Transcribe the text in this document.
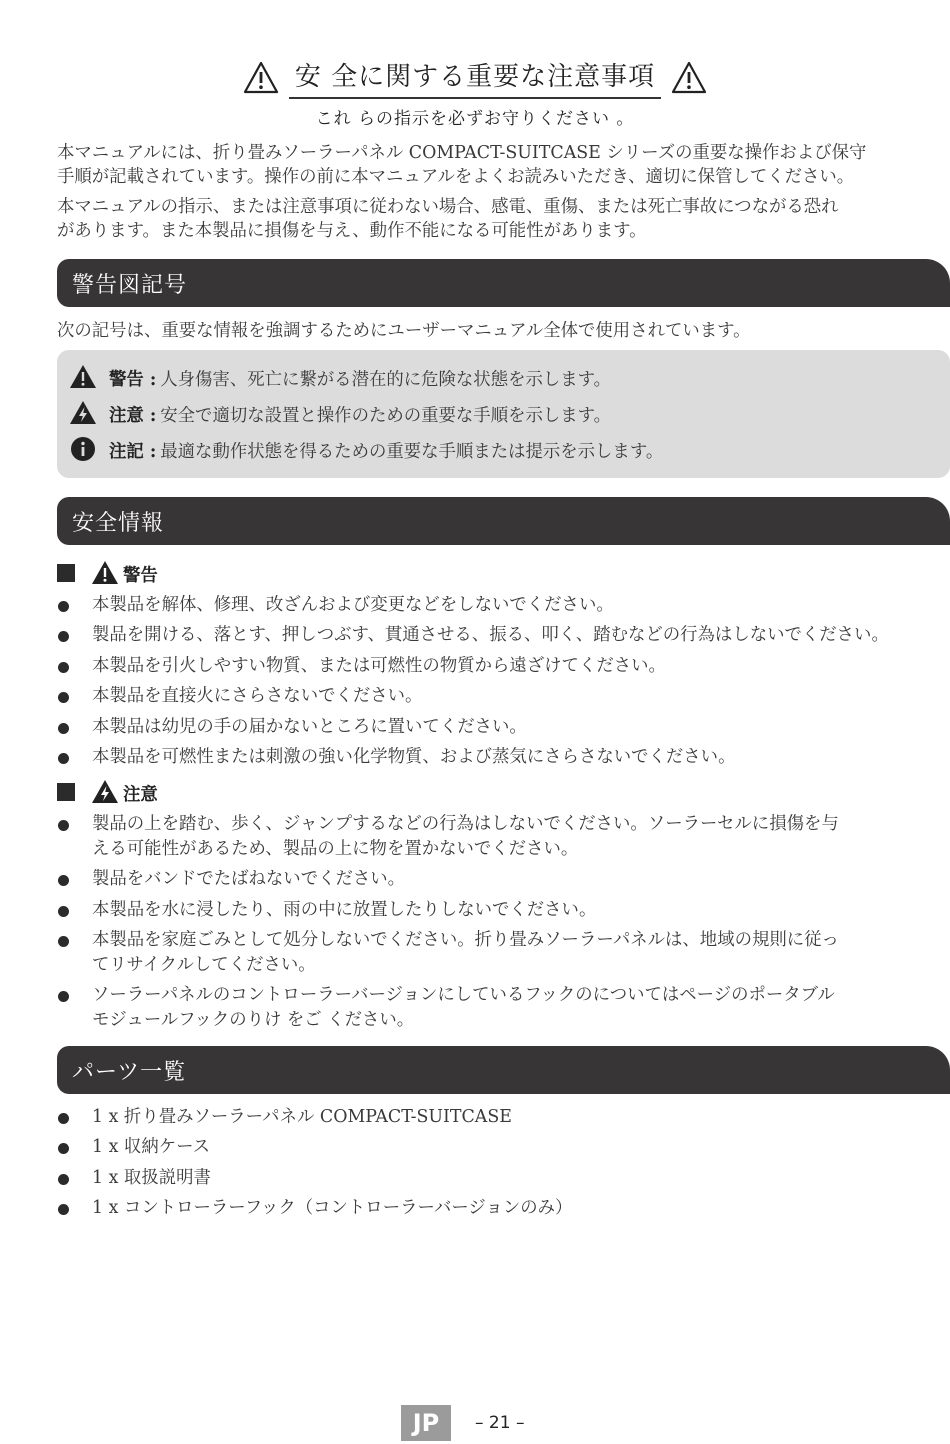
安 全に関する重要な注意事項
これ らの指示を必ずお守りください 。
本マニュアルには、折り畳みソーラーパネル COMPACT-SUITCASE シリーズの重要な操作および保守
手順が記載されています。操作の前に本マニュアルをよくお読みいただき、適切に保管してください。
本マニュアルの指示、または注意事項に従わない場合、感電、重傷、または死亡事故につながる恐れ
があります。また本製品に損傷を与え、動作不能になる可能性があります。
警告図記号
次の記号は、重要な情報を強調するためにユーザーマニュアル全体で使用されています。
警告 : 人身傷害、死亡に繋がる潜在的に危険な状態を示します。
注意 : 安全で適切な設置と操作のための重要な手順を示します。
注記 : 最適な動作状態を得るための重要な手順または提示を示します。
安全情報
警告
本製品を解体、修理、改ざんおよび変更などをしないでください。
製品を開ける、落とす、押しつぶす、貫通させる、振る、叩く、踏むなどの行為はしないでください。
本製品を引火しやすい物質、または可燃性の物質から遠ざけてください。
本製品を直接火にさらさないでください。
本製品は幼児の手の届かないところに置いてください。
本製品を可燃性または刺激の強い化学物質、および蒸気にさらさないでください。
注意
製品の上を踏む、歩く、ジャンプするなどの行為はしないでください。ソーラーセルに損傷を与
える可能性があるため、製品の上に物を置かないでください。
製品をバンドでたばねないでください。
本製品を水に浸したり、雨の中に放置したりしないでください。
本製品を家庭ごみとして処分しないでください。折り畳みソーラーパネルは、地域の規則に従っ
てリサイクルしてください。
ソーラーパネルのコントローラーバージョンにしているフックのについてはページのポータブル
モジュールフックのりけ をご ください。
パーツ一覧
1 x 折り畳みソーラーパネル COMPACT-SUITCASE
1 x 収納ケース
1 x 取扱説明書
1 x コントローラーフック（コントローラーバージョンのみ）
JP	– 21 –
